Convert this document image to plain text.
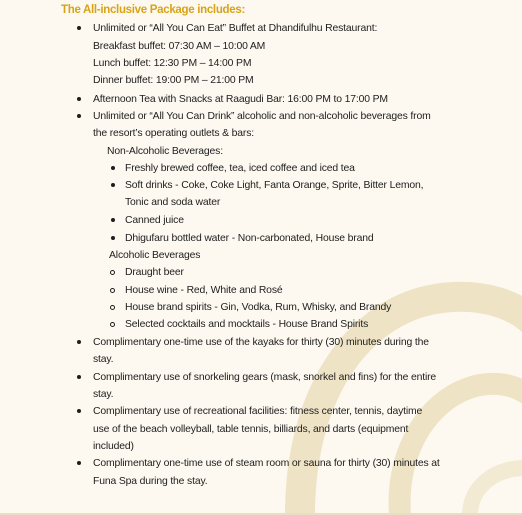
The All-inclusive Package includes:
Unlimited or “All You Can Eat” Buffet at Dhandifulhu Restaurant:
Breakfast buffet: 07:30 AM – 10:00 AM
Lunch buffet: 12:30 PM – 14:00 PM
Dinner buffet: 19:00 PM – 21:00 PM
Afternoon Tea with Snacks at Raagudi Bar: 16:00 PM to 17:00 PM
Unlimited or “All You Can Drink” alcoholic and non-alcoholic beverages from
the resort’s operating outlets & bars:
Non-Alcoholic Beverages:
Freshly brewed coffee, tea, iced coffee and iced tea
Soft drinks - Coke, Coke Light, Fanta Orange, Sprite, Bitter Lemon,
Tonic and soda water
Canned juice
Dhigufaru bottled water - Non-carbonated, House brand
Alcoholic Beverages
Draught beer
House wine - Red, White and Rosé
House brand spirits - Gin, Vodka, Rum, Whisky, and Brandy
Selected cocktails and mocktails - House Brand Spirits
Complimentary one-time use of the kayaks for thirty (30) minutes during the
stay.
Complimentary use of snorkeling gears (mask, snorkel and fins) for the entire
stay.
Complimentary use of recreational facilities: fitness center, tennis, daytime
use of the beach volleyball, table tennis, billiards, and darts (equipment
included)
Complimentary one-time use of steam room or sauna for thirty (30) minutes at
Funa Spa during the stay.
